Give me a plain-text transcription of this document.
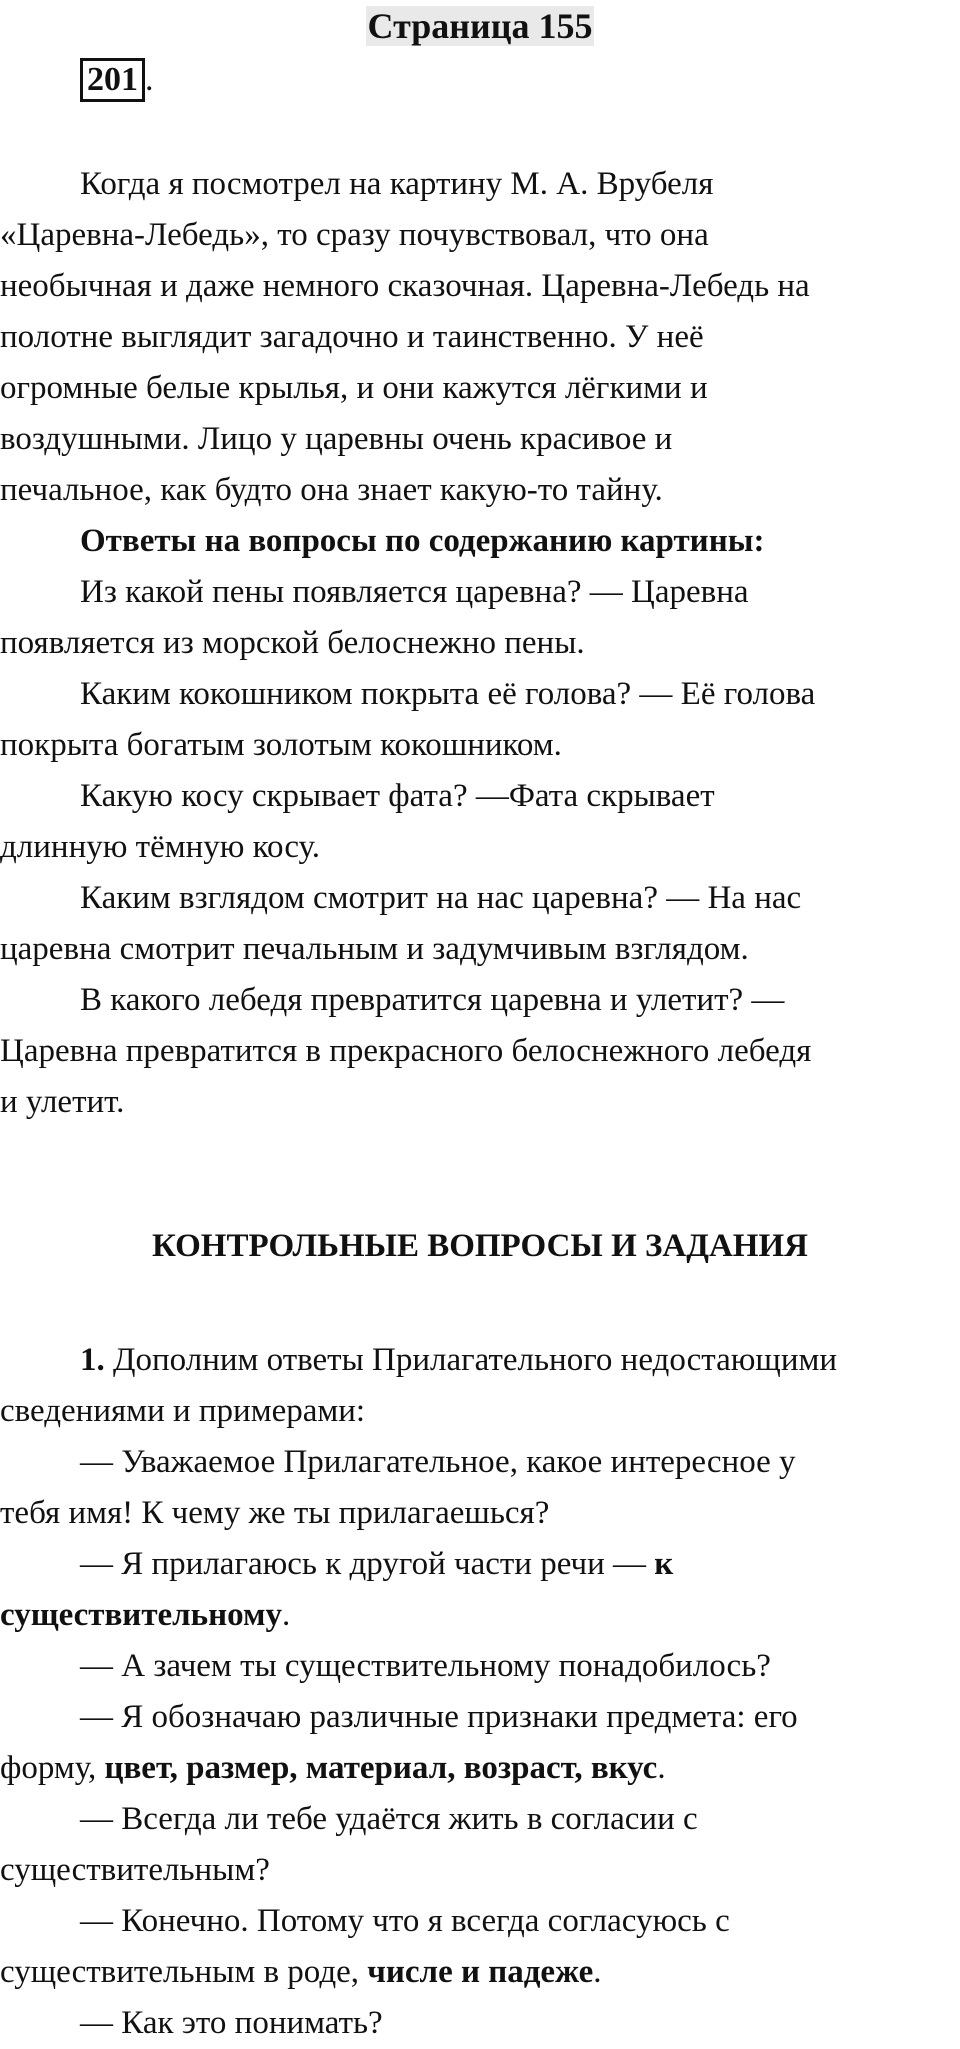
Страница 155
201 .

Когда я посмотрел на картину М. А. Врубеля

«Царевна-Лебедь», то сразу почувствовал, что она

необычная и даже немного сказочная. Царевна-Лебедь на

полотне выглядит загадочно и таинственно. У неё

огромные белые крылья, и они кажутся лёгкими и

воздушными. Лицо у царевны очень красивое и

печальное, как будто она знает какую-то тайну.

Ответы на вопросы по содержанию картины:

Из какой пены появляется царевна? — Царевна

появляется из морской белоснежно пены.

Каким кокошником покрыта её голова? — Её голова

покрыта богатым золотым кокошником.

Какую косу скрывает фата? —Фата скрывает

длинную тёмную косу.

Каким взглядом смотрит на нас царевна? — На нас

царевна смотрит печальным и задумчивым взглядом.

В какого лебедя превратится царевна и улетит? —

Царевна превратится в прекрасного белоснежного лебедя

и улетит.

КОНТРОЛЬНЫЕ ВОПРОСЫ И ЗАДАНИЯ

1. Дополним ответы Прилагательного недостающими

сведениями и примерами:

— Уважаемое Прилагательное, какое интересное у

тебя имя! К чему же ты прилагаешься?

— Я прилагаюсь к другой части речи — к

существительному.

— А зачем ты существительному понадобилось?

— Я обозначаю различные признаки предмета: его

форму, цвет, размер, материал, возраст, вкус.

— Всегда ли тебе удаётся жить в согласии с

существительным?

— Конечно. Потому что я всегда согласуюсь с

существительным в роде, числе и падеже.

— Как это понимать?
